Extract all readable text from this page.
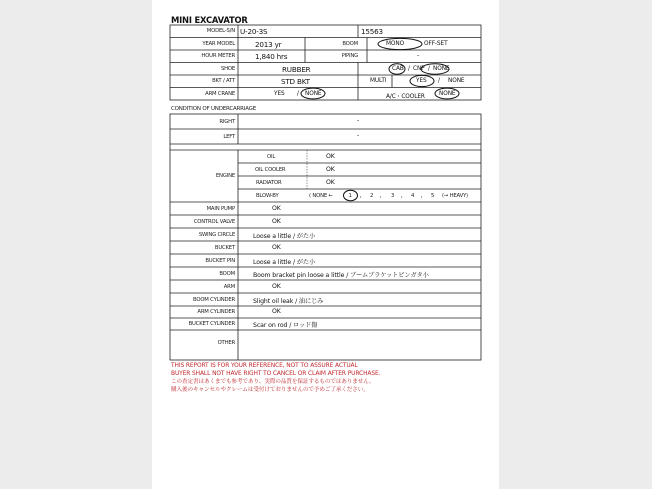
MINI EXCAVATOR
MODEL-S/N U-20-3S	15563
YEAR MODEL	2013 yr	BOOM	MONO	OFF-SET
HOUR METER	1,840 hrs	PIPING	-
SHOE	RUBBER	CAB / CNP / NONE
BKT / ATT	STD BKT	MULTI	YES / NONE
ARM CRANE	YES / NONE	A/C・COOLER NONE
CONDITION OF UNDERCARRIAGE
RIGHT	-
LEFT	-
ENGINE
OIL	OK
OIL COOLER	OK
RADIATOR	OK
BLOW-BY	( NONE ←	1 ・ 2 ・ 3 ・ 4 ・ 5 (→ HEAVY)
MAIN PUMP	OK
CONTROL VALVE	OK
SWING CIRCLE	Loose a little / がた小
BUCKET	OK
BUCKET PIN	Loose a little / がた小
BOOM	Boom bracket pin loose a little / ブームブラケットピンガタ小
ARM	OK
BOOM CYLINDER	Slight oil leak / 油にじみ
ARM CYLINDER	OK
BUCKET CYLINDER	Scar on rod / ロッド傷
OTHER
THIS REPORT IS FOR YOUR REFERENCE, NOT TO ASSURE ACTUAL
BUYER SHALL NOT HAVE RIGHT TO CANCEL OR CLAIM AFTER PURCHASE.
この査定書はあくまでも参考であり、実際の品質を保証するものではありません。
購入後のキャンセルやクレームは受付けておりませんので予めご了承ください。
